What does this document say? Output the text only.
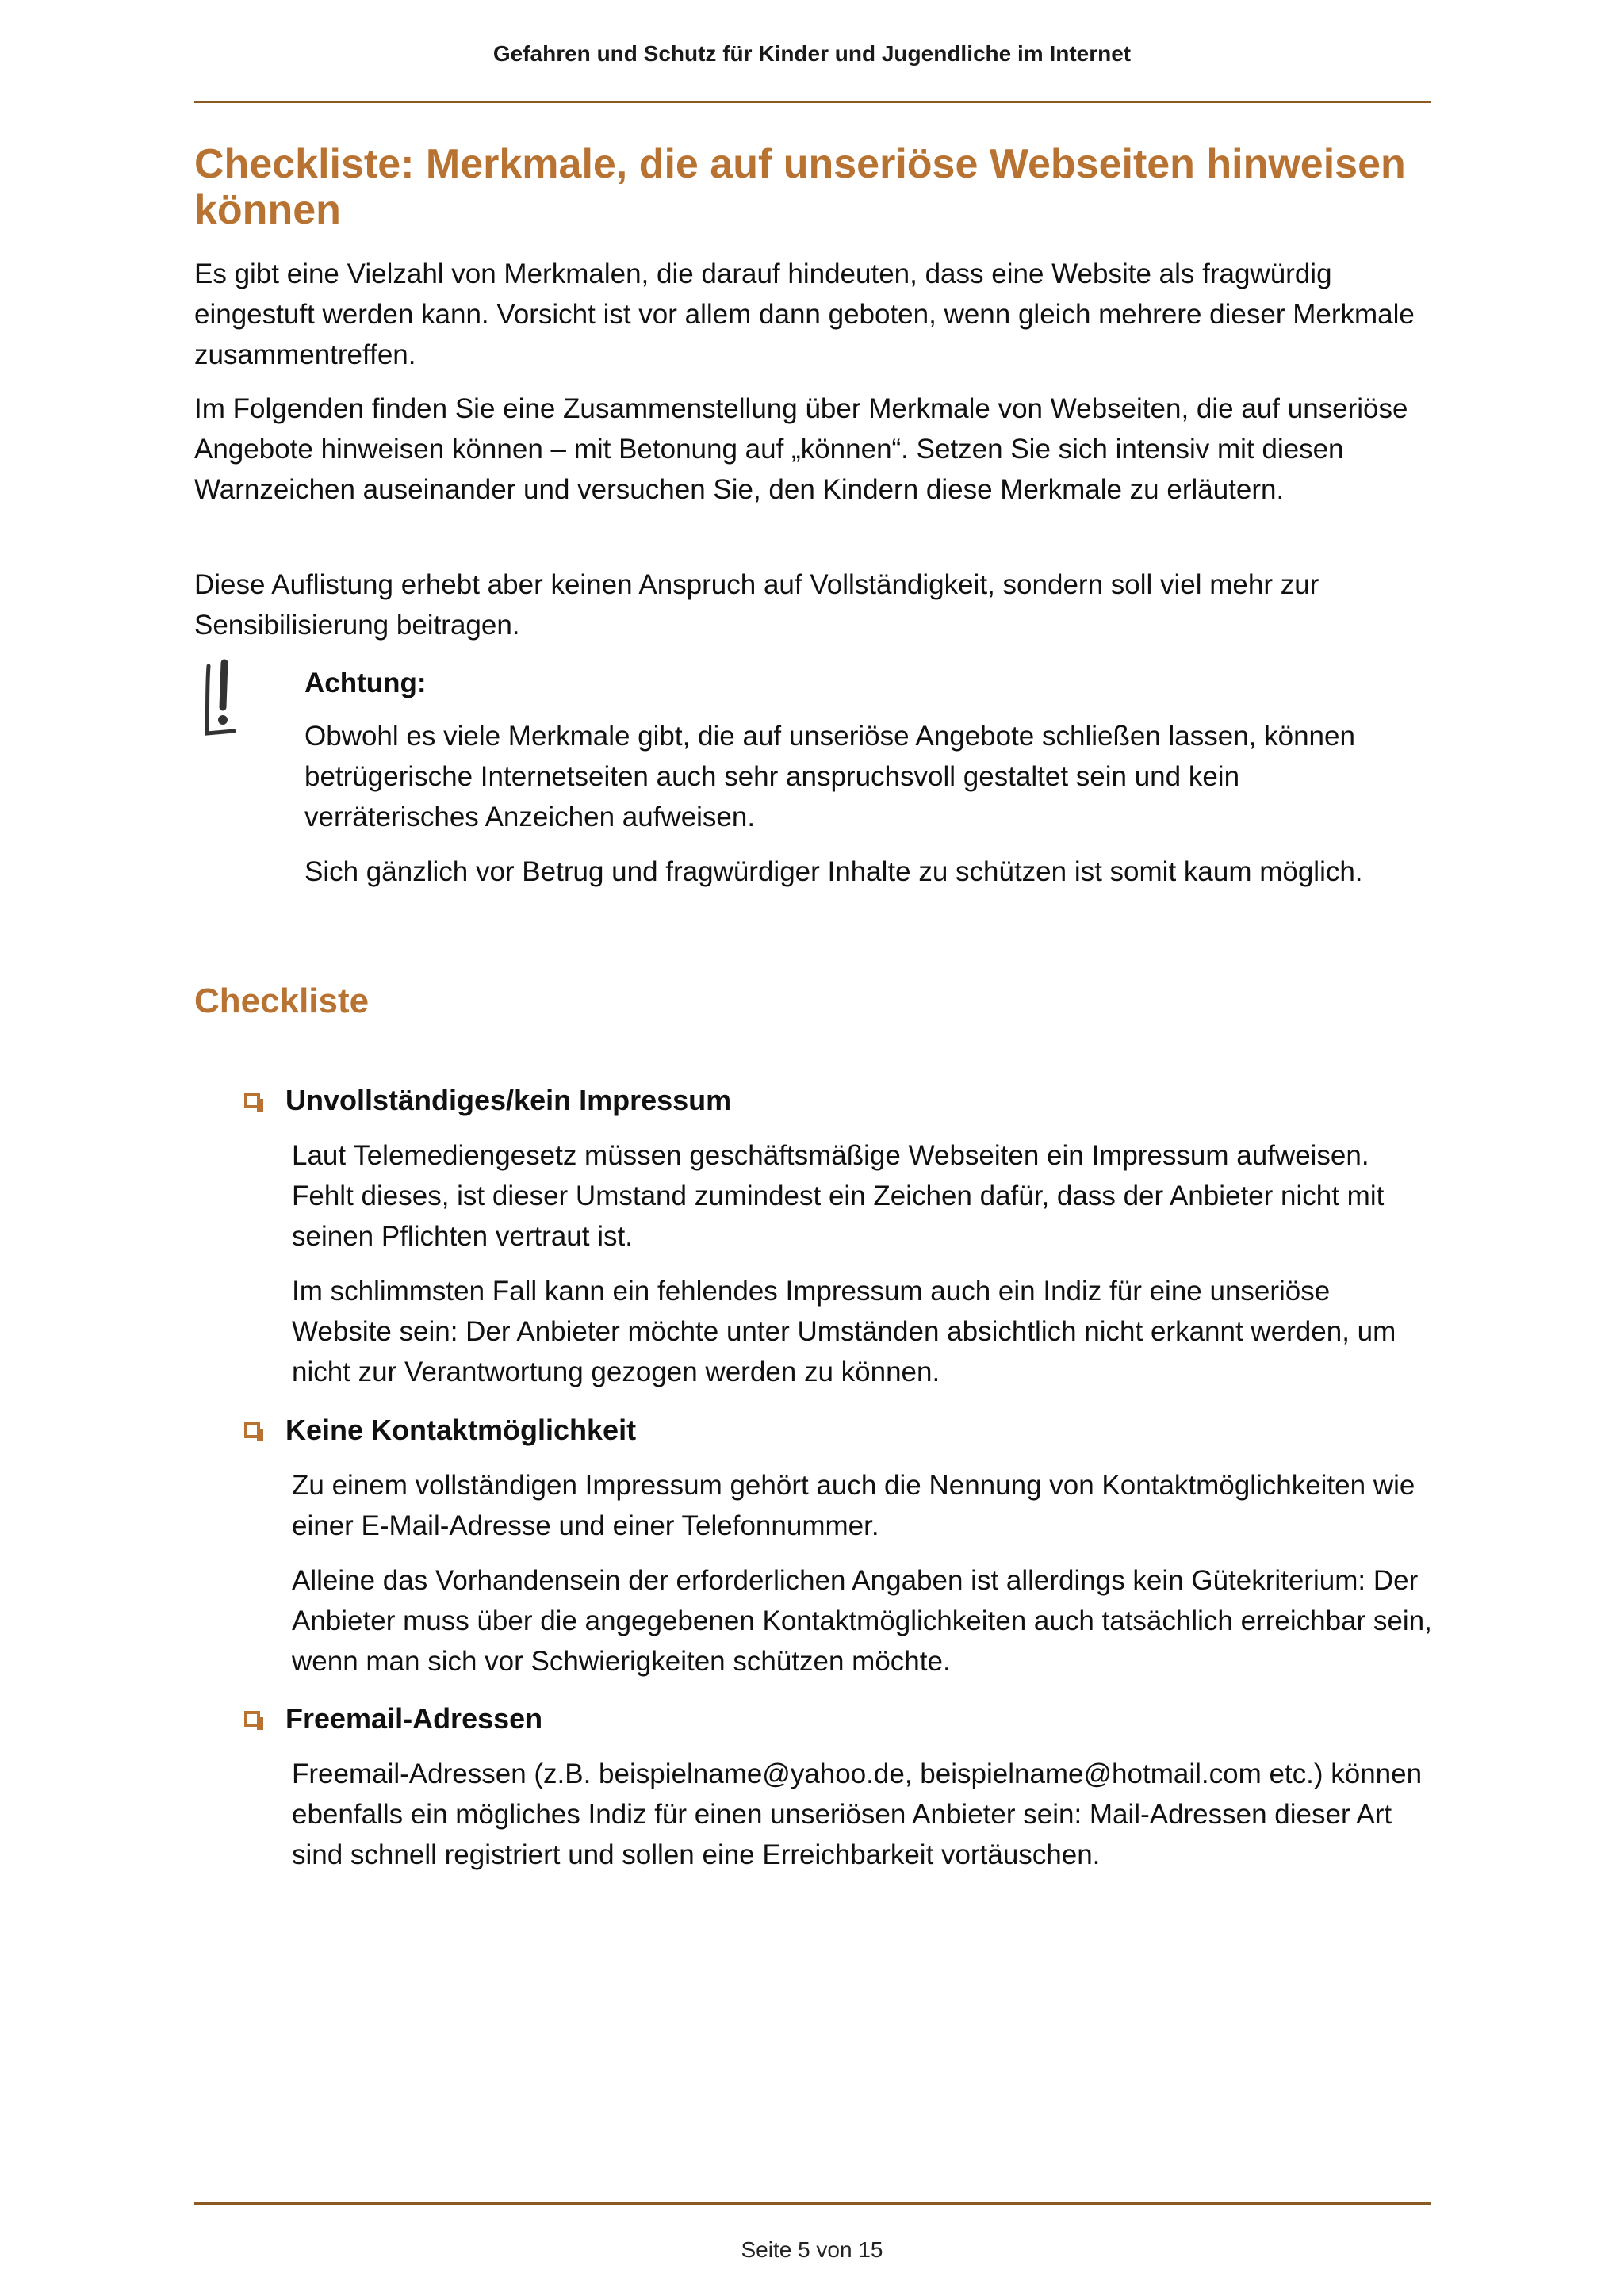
Gefahren und Schutz für Kinder und Jugendliche im Internet
Checkliste: Merkmale, die auf unseriöse Webseiten hinweisen können

Es gibt eine Vielzahl von Merkmalen, die darauf hindeuten, dass eine Website als fragwürdig eingestuft werden kann. Vorsicht ist vor allem dann geboten, wenn gleich mehrere dieser Merkmale zusammentreffen.

Im Folgenden finden Sie eine Zusammenstellung über Merkmale von Webseiten, die auf unseriöse Angebote hinweisen können – mit Betonung auf „können“. Setzen Sie sich intensiv mit diesen Warnzeichen auseinander und versuchen Sie, den Kindern diese Merkmale zu erläutern.

Diese Auflistung erhebt aber keinen Anspruch auf Vollständigkeit, sondern soll viel mehr zur Sensibilisierung beitragen.

Achtung:

Obwohl es viele Merkmale gibt, die auf unseriöse Angebote schließen lassen, können betrügerische Internetseiten auch sehr anspruchsvoll gestaltet sein und kein verräterisches Anzeichen aufweisen.

Sich gänzlich vor Betrug und fragwürdiger Inhalte zu schützen ist somit kaum möglich.

Checkliste
Unvollständiges/kein Impressum

Laut Telemediengesetz müssen geschäftsmäßige Webseiten ein Impressum aufweisen. Fehlt dieses, ist dieser Umstand zumindest ein Zeichen dafür, dass der Anbieter nicht mit seinen Pflichten vertraut ist.

Im schlimmsten Fall kann ein fehlendes Impressum auch ein Indiz für eine unseriöse Website sein: Der Anbieter möchte unter Umständen absichtlich nicht erkannt werden, um nicht zur Verantwortung gezogen werden zu können.

Keine Kontaktmöglichkeit

Zu einem vollständigen Impressum gehört auch die Nennung von Kontaktmöglichkeiten wie einer E-Mail-Adresse und einer Telefonnummer.

Alleine das Vorhandensein der erforderlichen Angaben ist allerdings kein Gütekriterium: Der Anbieter muss über die angegebenen Kontaktmöglichkeiten auch tatsächlich erreichbar sein, wenn man sich vor Schwierigkeiten schützen möchte.

Freemail-Adressen

Freemail-Adressen (z.B. beispielname@yahoo.de, beispielname@hotmail.com etc.) können ebenfalls ein mögliches Indiz für einen unseriösen Anbieter sein: Mail-Adressen dieser Art sind schnell registriert und sollen eine Erreichbarkeit vortäuschen.

Seite 5 von 15
